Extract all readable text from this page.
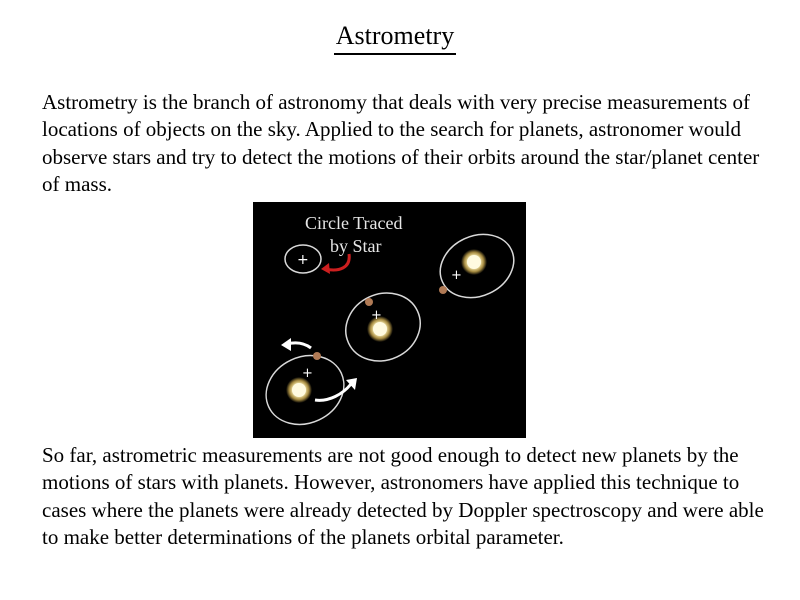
Astrometry

Astrometry is the branch of astronomy that deals with very precise measurements of locations of objects on the sky. Applied to the search for planets, astronomer would observe stars and try to detect the motions of their orbits around the star/planet center of mass.

Circle Traced
by Star
+
+
+
+

So far, astrometric measurements are not good enough to detect new planets by the motions of stars with planets. However, astronomers have applied this technique to cases where the planets were already detected by Doppler spectroscopy and were able to make better determinations of the planets orbital parameter.
